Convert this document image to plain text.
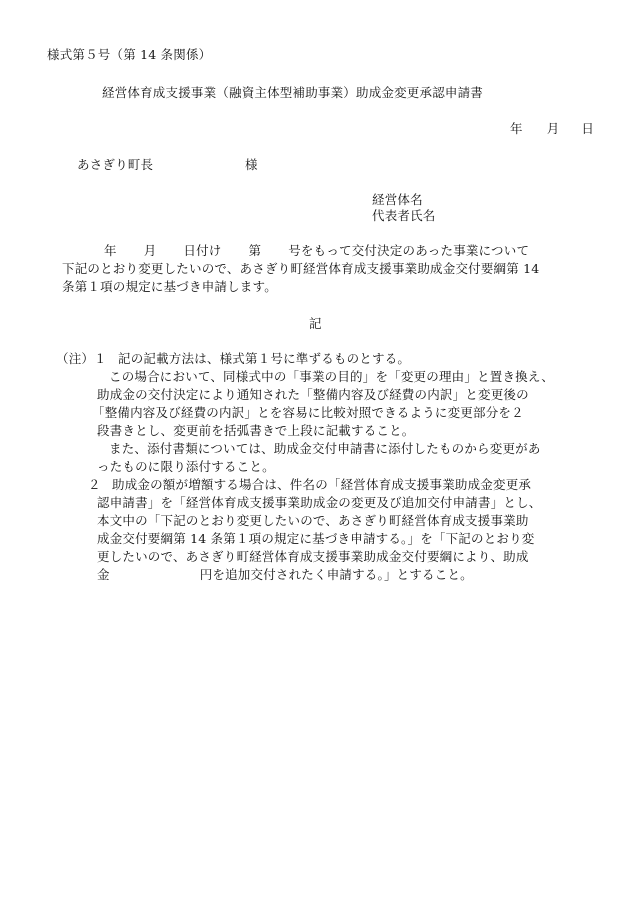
様式第５号（第 14 条関係）
経営体育成支援事業（融資主体型補助事業）助成金変更承認申請書
年 月 日
あさぎり町長	様
経営体名
代表者氏名
年 月 日付け 第 号をもって交付決定のあった事業について
下記のとおり変更したいので、あさぎり町経営体育成支援事業助成金交付要綱第 14
条第１項の規定に基づき申請します。
記
（注） １ 記の記載方法は、様式第１号に準ずるものとする。
この場合において、同様式中の「事業の目的」を「変更の理由」と置き換え、
助成金の交付決定により通知された「整備内容及び経費の内訳」と変更後の
「整備内容及び経費の内訳」とを容易に比較対照できるように変更部分を２
段書きとし、変更前を括弧書きで上段に記載すること。
また、添付書類については、助成金交付申請書に添付したものから変更があ
ったものに限り添付すること。
２ 助成金の額が増額する場合は、件名の「経営体育成支援事業助成金変更承
認申請書」を「経営体育成支援事業助成金の変更及び追加交付申請書」とし、
本文中の「下記のとおり変更したいので、あさぎり町経営体育成支援事業助
成金交付要綱第 14 条第１項の規定に基づき申請する。」を「下記のとおり変
更したいので、あさぎり町経営体育成支援事業助成金交付要綱により、助成
金	円を追加交付されたく申請する。」とすること。
